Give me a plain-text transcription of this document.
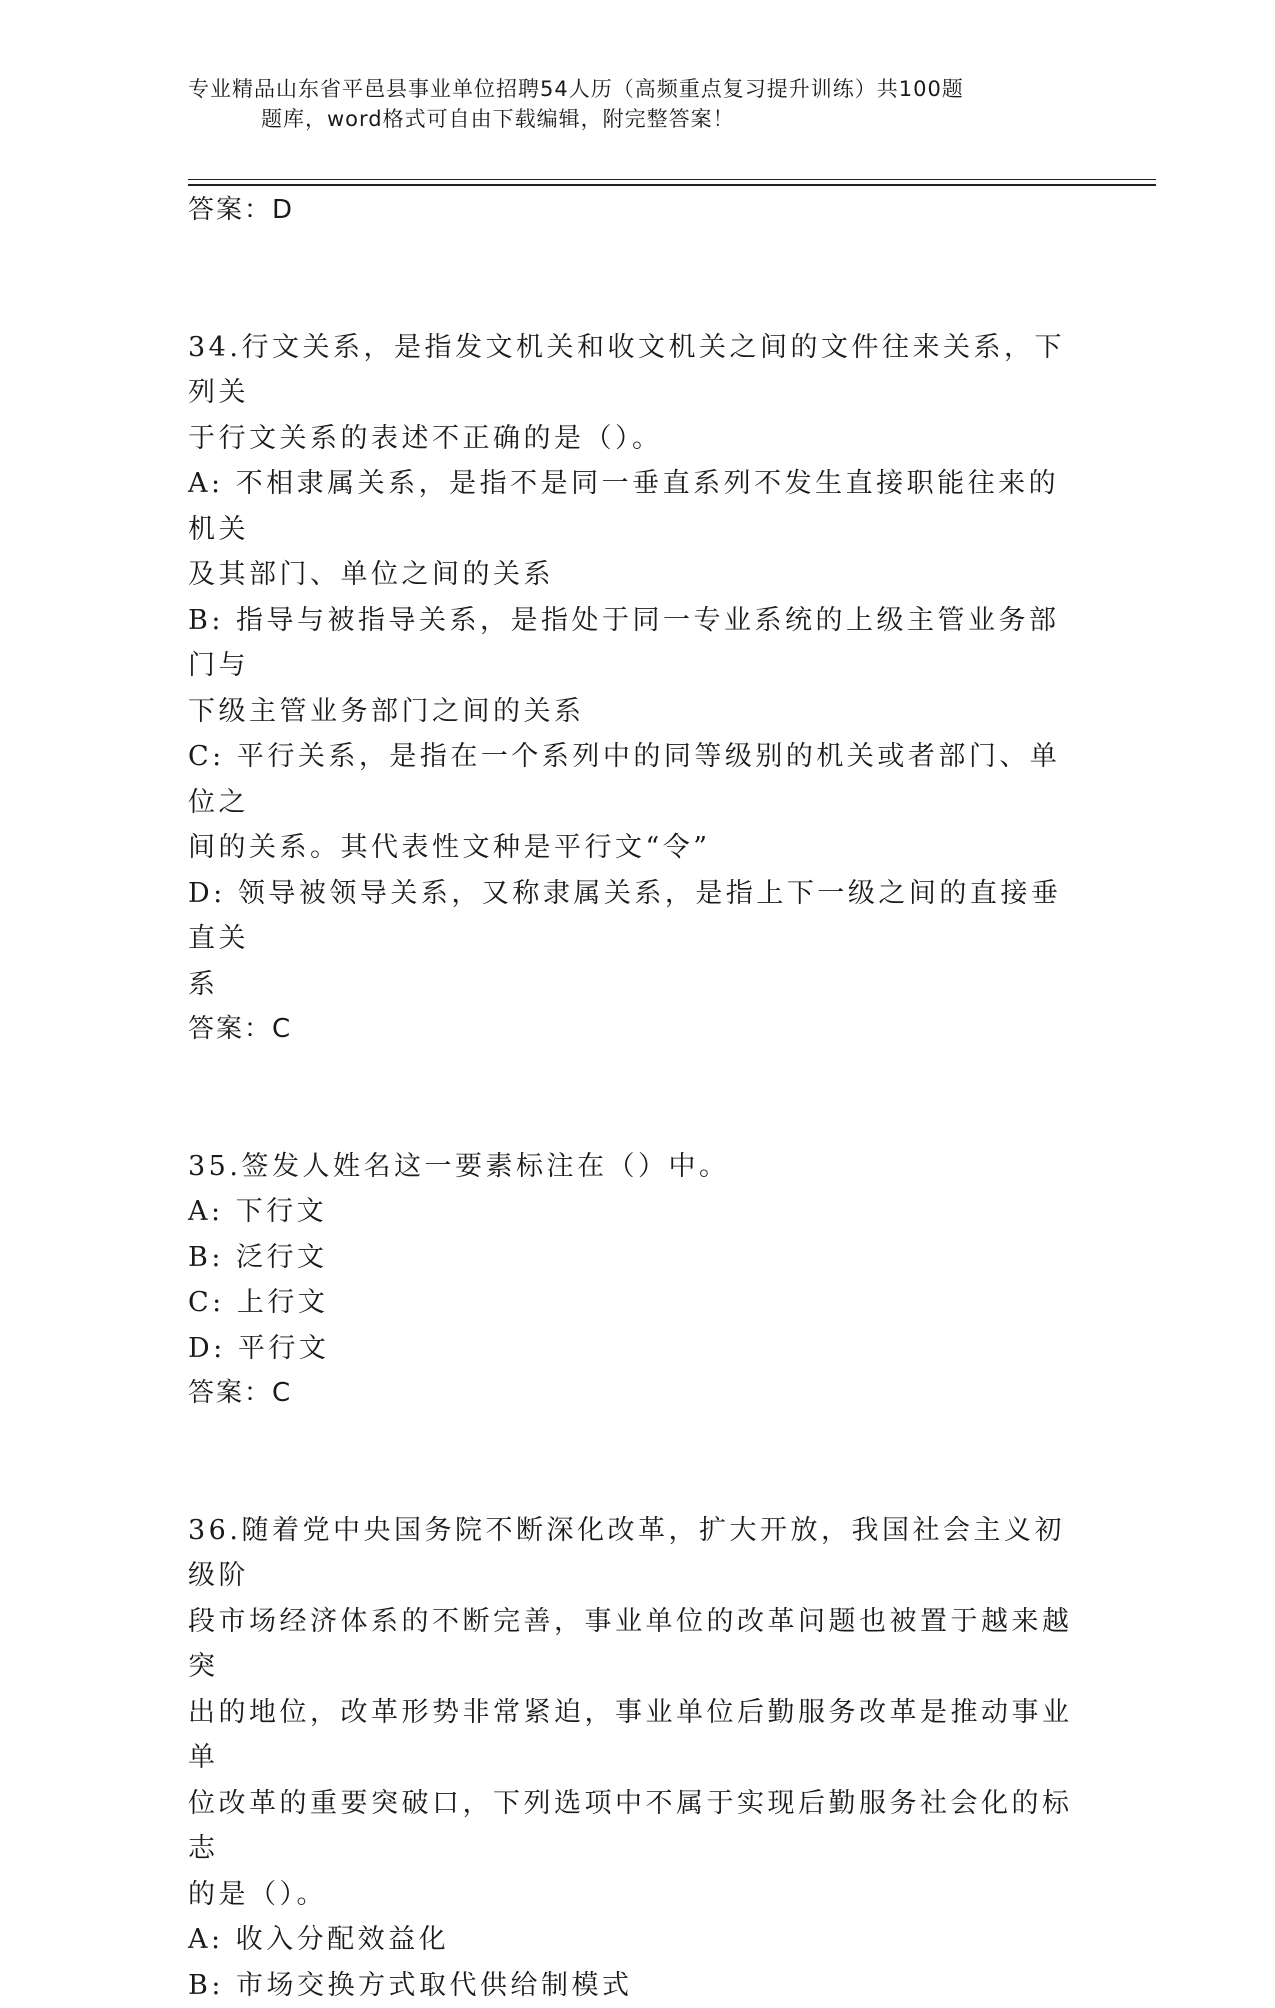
专业精品山东省平邑县事业单位招聘54人历（高频重点复习提升训练）共100题
题库，word格式可自由下载编辑，附完整答案！
答案：D
34.行文关系，是指发文机关和收文机关之间的文件往来关系，下列关
于行文关系的表述不正确的是（）。
A: 不相隶属关系，是指不是同一垂直系列不发生直接职能往来的机关
及其部门、单位之间的关系
B: 指导与被指导关系，是指处于同一专业系统的上级主管业务部门与
下级主管业务部门之间的关系
C: 平行关系，是指在一个系列中的同等级别的机关或者部门、单位之
间的关系。其代表性文种是平行文“令”
D: 领导被领导关系，又称隶属关系，是指上下一级之间的直接垂直关
系
答案：C
35.签发人姓名这一要素标注在（）中。
A: 下行文
B: 泛行文
C: 上行文
D: 平行文
答案：C
36.随着党中央国务院不断深化改革，扩大开放，我国社会主义初级阶
段市场经济体系的不断完善，事业单位的改革问题也被置于越来越突
出的地位，改革形势非常紧迫，事业单位后勤服务改革是推动事业单
位改革的重要突破口，下列选项中不属于实现后勤服务社会化的标志
的是（）。
A: 收入分配效益化
B: 市场交换方式取代供给制模式
